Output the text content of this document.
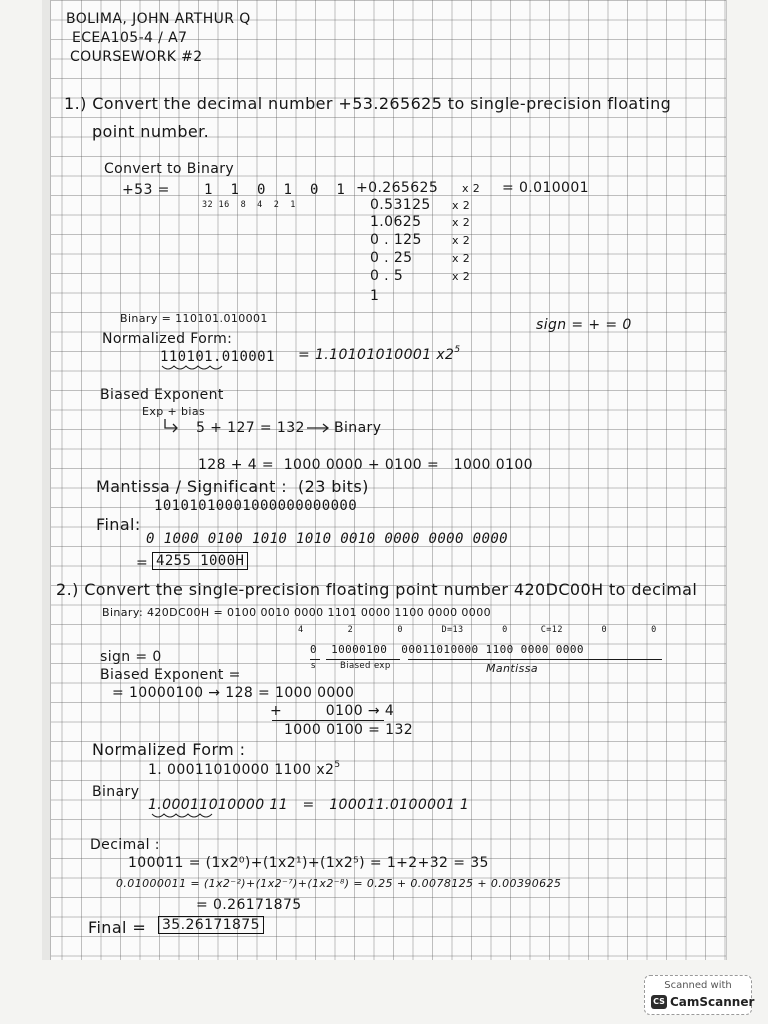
BOLIMA, JOHN ARTHUR Q
ECEA105-4 / A7
COURSEWORK #2
1.) Convert the decimal number +53.265625 to single-precision floating
point number.
Convert to Binary
+53 = 1  1  0  1  0  1
32 16  8  4  2  1
+0.265625 x 2 = 0.010001
0.53125 x 2
1.0625	x 2
0 . 125	x 2
0 . 25	x 2
0 . 5	x 2
1
Binary = 110101.010001	sign = + = 0
Normalized Form:
110101.010001 = 1.10101010001 $x2^5$
Biased Exponent
Exp + bias
5 + 127 = 132 Binary
128 + 4 =  1000 0000 + 0100 =   1000 0100
Mantissa / Significant :  (23 bits)
10101010001000000000000
Final:
0 1000 0100 1010 1010 0010 0000 0000 0000
= 4255 1000H
2.) Convert the single-precision floating point number 420DC00H to decimal
Binary: 420DC00H = 0100 0010 0000 1101 0000 1100 0000 0000
4        2        0       D=13       0      C=12       0        0
sign = 0
Biased Exponent =
0  10000100  00011010000 1100 0000 0000
s	Biased exp	Mantissa
= 10000100 → 128 = 1000 0000
+         0100 → 4
1000 0100 = 132
Normalized Form :
1. 00011010000 1100 $x2^5$
Binary
1.00011010000 11   =   100011.0100001 1
Decimal :
100011 = (1x2⁰)+(1x2¹)+(1x2⁵) = 1+2+32 = 35
0.01000011 = (1x2⁻²)+(1x2⁻⁷)+(1x2⁻⁸) = 0.25 + 0.0078125 + 0.00390625
= 0.26171875
Final = 35.26171875
Scanned with
CS CamScanner
